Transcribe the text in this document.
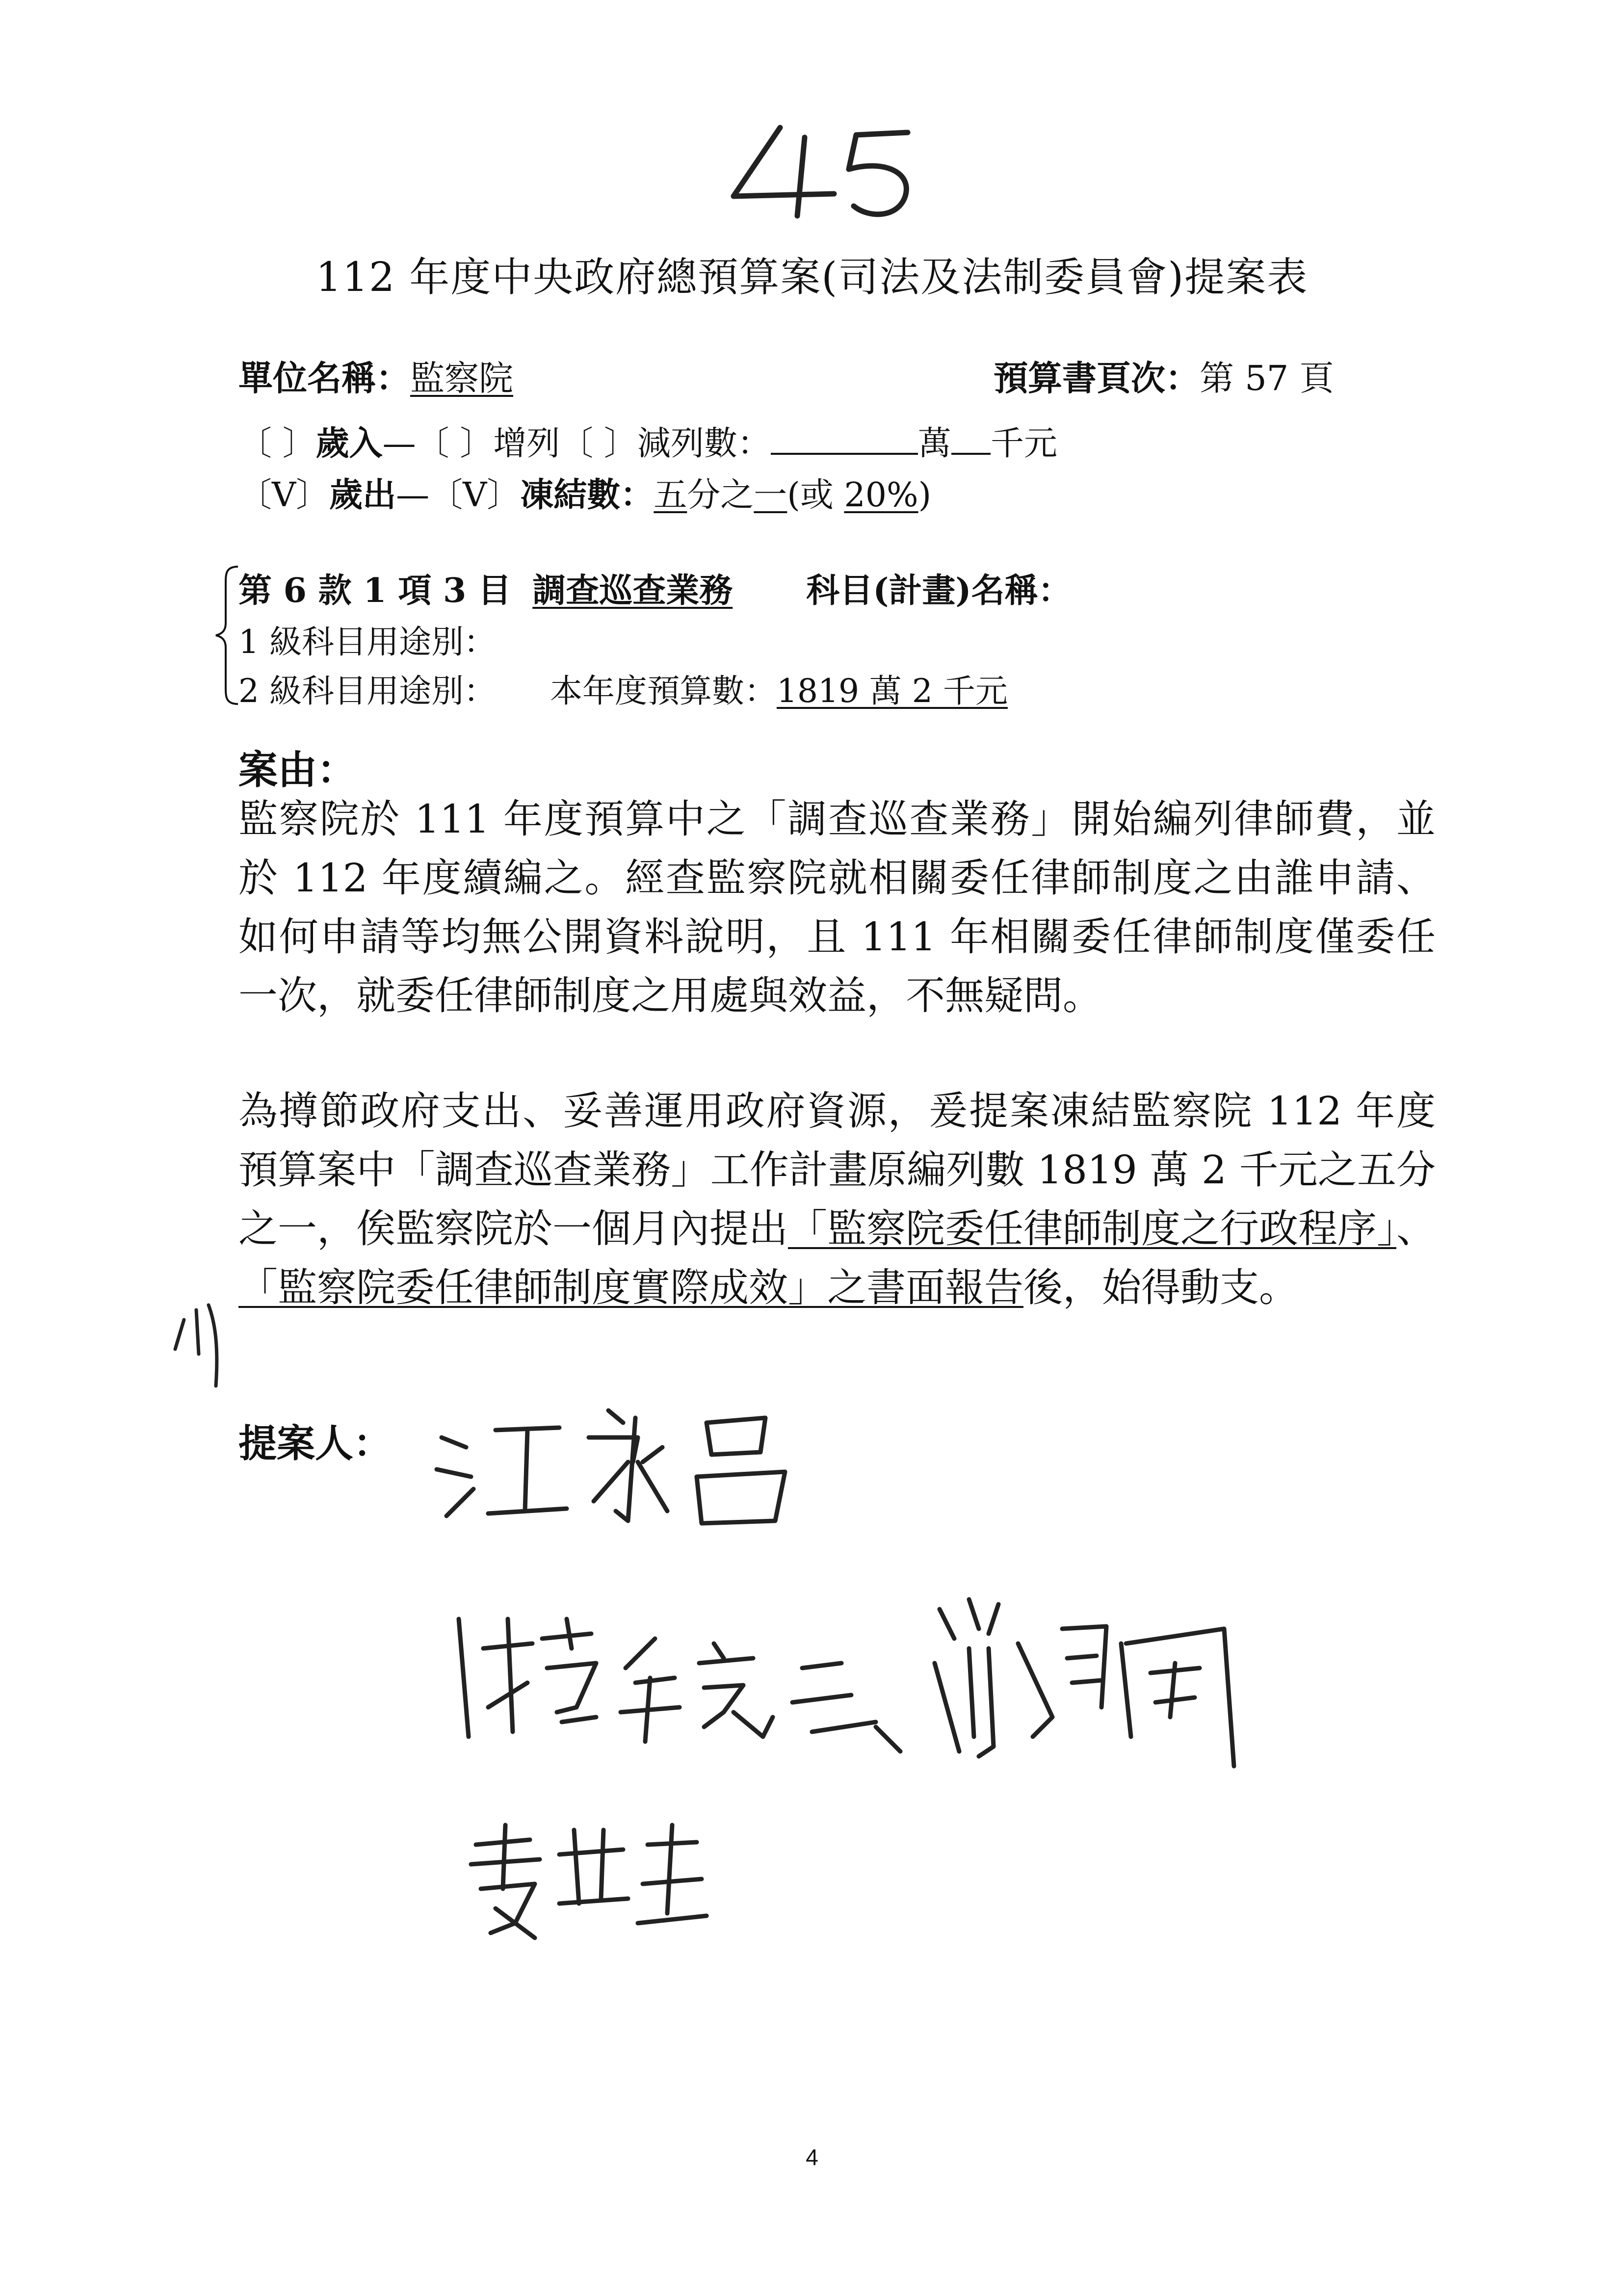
112 年度中央政府總預算案(司法及法制委員會)提案表
單位名稱：監察院	預算書頁次：第 57 頁
〔 〕歲入—〔 〕增列〔 〕減列數：	萬 千元
〔V〕歲出—〔V〕凍結數：五分之一(或 20%)
第 6 款 1 項 3 目 調查巡查業務 科目(計畫)名稱：
1 級科目用途別：
2 級科目用途別： 本年度預算數：1819 萬 2 千元
案由：
監察院於 111 年度預算中之「調查巡查業務」開始編列律師費，並於 112 年度續編之。經查監察院就相關委任律師制度之由誰申請、如何申請等均無公開資料說明，且 111 年相關委任律師制度僅委任一次，就委任律師制度之用處與效益，不無疑問。
為撙節政府支出、妥善運用政府資源，爰提案凍結監察院 112 年度預算案中「調查巡查業務」工作計畫原編列數 1819 萬 2 千元之五分之一，俟監察院於一個月內提出「監察院委任律師制度之行政程序」、「監察院委任律師制度實際成效」之書面報告後，始得動支。
提案人：
4
